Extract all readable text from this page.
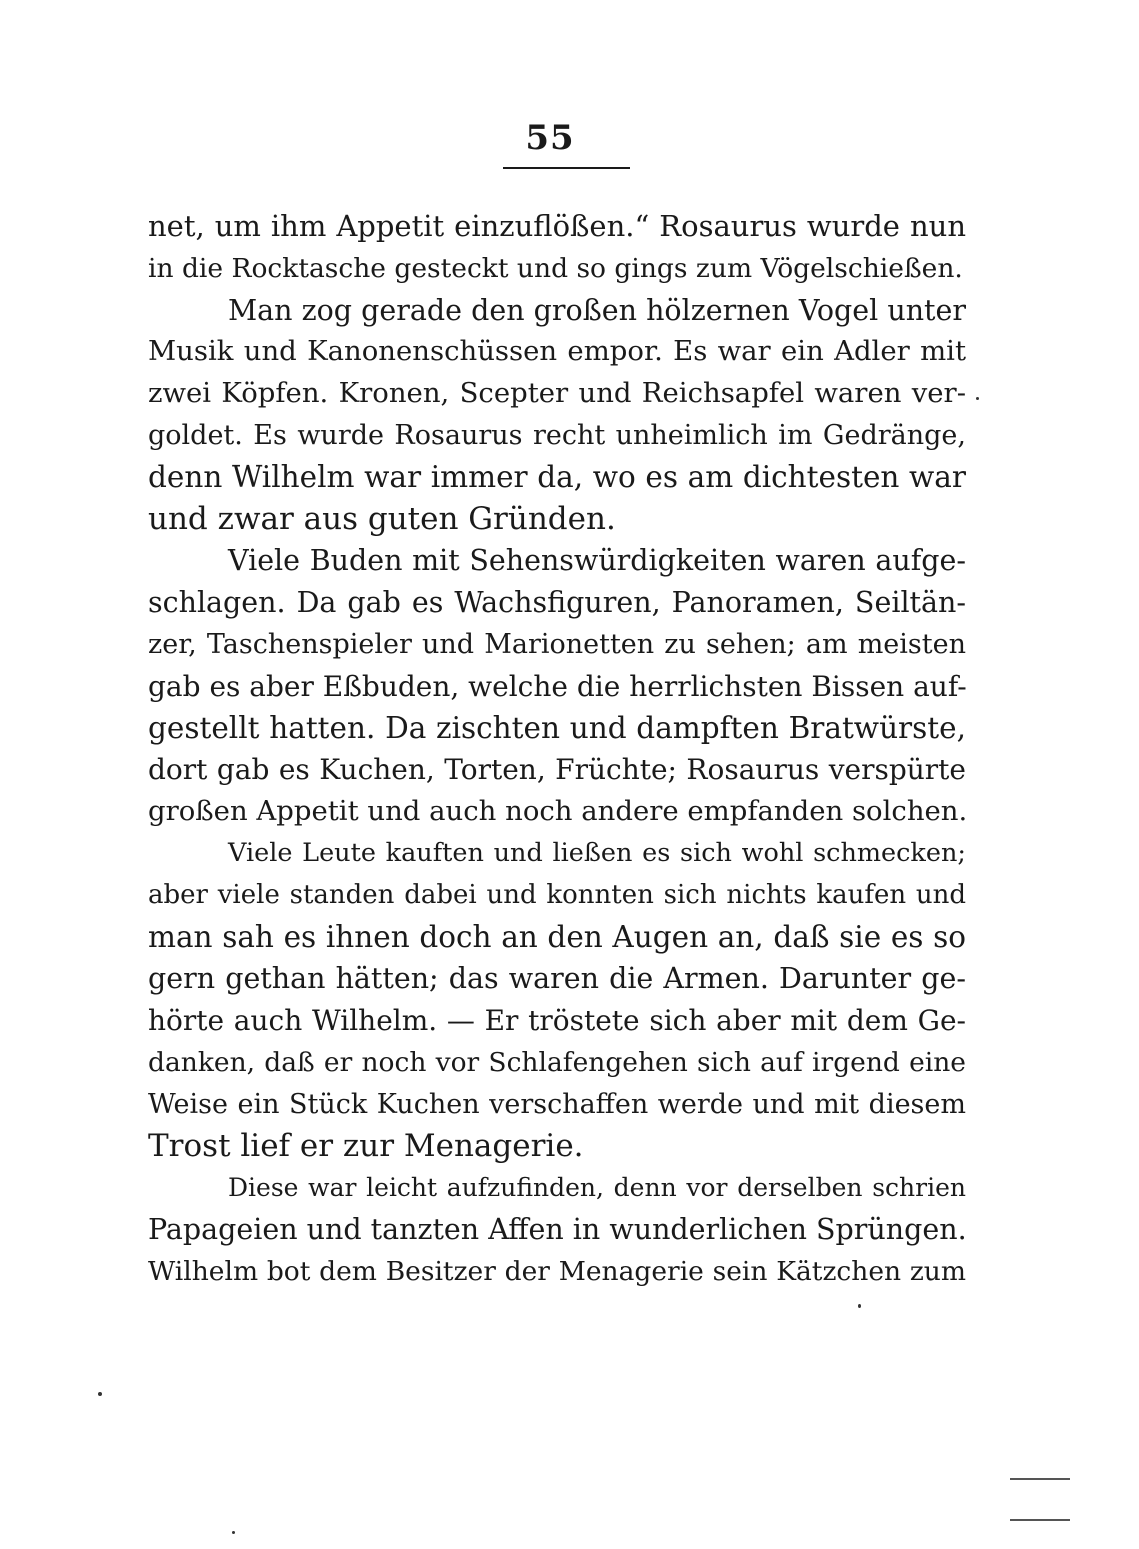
55
net, um ihm Appetit einzuflößen.“ Rosaurus wurde nun
in die Rocktasche gesteckt und so gings zum Vögelschießen.
Man zog gerade den großen hölzernen Vogel unter
Musik und Kanonenschüssen empor. Es war ein Adler mit
zwei Köpfen. Kronen, Scepter und Reichsapfel waren ver-
goldet. Es wurde Rosaurus recht unheimlich im Gedränge,
denn Wilhelm war immer da, wo es am dichtesten war
und zwar aus guten Gründen.
Viele Buden mit Sehenswürdigkeiten waren aufge-
schlagen. Da gab es Wachsfiguren, Panoramen, Seiltän-
zer, Taschenspieler und Marionetten zu sehen; am meisten
gab es aber Eßbuden, welche die herrlichsten Bissen auf-
gestellt hatten. Da zischten und dampften Bratwürste,
dort gab es Kuchen, Torten, Früchte; Rosaurus verspürte
großen Appetit und auch noch andere empfanden solchen.
Viele Leute kauften und ließen es sich wohl schmecken;
aber viele standen dabei und konnten sich nichts kaufen und
man sah es ihnen doch an den Augen an, daß sie es so
gern gethan hätten; das waren die Armen. Darunter ge-
hörte auch Wilhelm. — Er tröstete sich aber mit dem Ge-
danken, daß er noch vor Schlafengehen sich auf irgend eine
Weise ein Stück Kuchen verschaffen werde und mit diesem
Trost lief er zur Menagerie.
Diese war leicht aufzufinden, denn vor derselben schrien
Papageien und tanzten Affen in wunderlichen Sprüngen.
Wilhelm bot dem Besitzer der Menagerie sein Kätzchen zum
